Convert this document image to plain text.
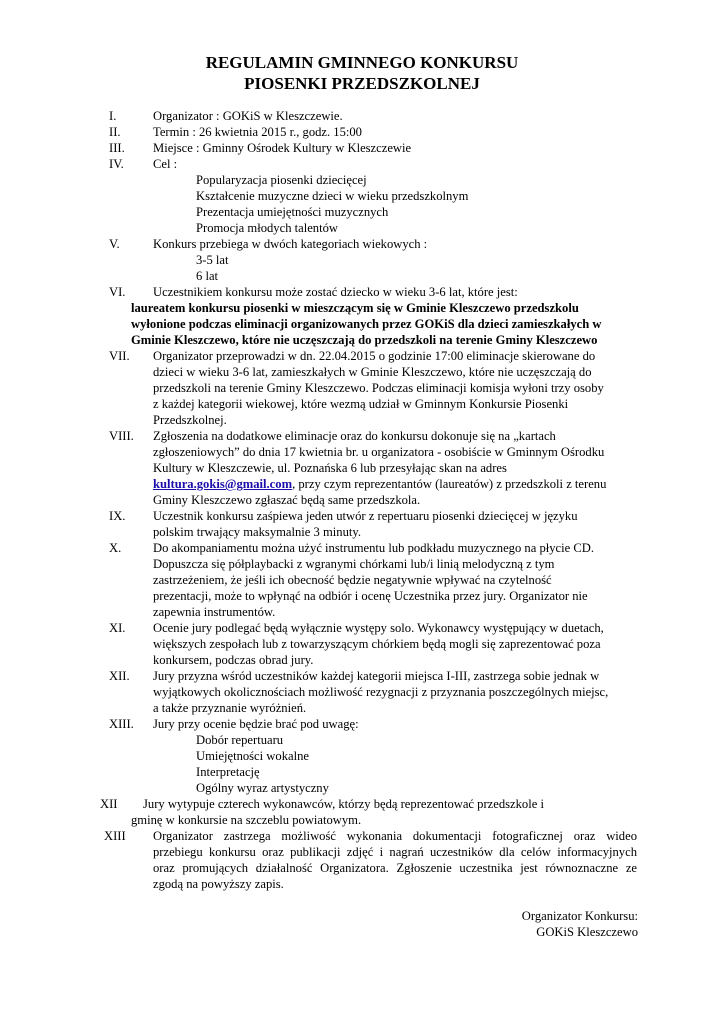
REGULAMIN GMINNEGO KONKURSU
PIOSENKI PRZEDSZKOLNEJ
I.	Organizator : GOKiS w Kleszczewie.
II.	Termin : 26 kwietnia 2015 r., godz. 15:00
III. Miejsce : Gminny Ośrodek Kultury w Kleszczewie
IV. Cel :
Popularyzacja piosenki dziecięcej
Kształcenie muzyczne dzieci w wieku przedszkolnym
Prezentacja umiejętności muzycznych
Promocja młodych talentów
V.	Konkurs przebiega w dwóch kategoriach wiekowych :
3-5 lat
6 lat
VI. Uczestnikiem konkursu może zostać dziecko w wieku 3-6 lat, które jest:
laureatem konkursu piosenki w mieszczącym się w Gminie Kleszczewo przedszkolu
wyłonione podczas eliminacji organizowanych przez GOKiS dla dzieci zamieszkałych w
Gminie Kleszczewo, które nie uczęszczają do przedszkoli na terenie Gminy Kleszczewo
VII. Organizator przeprowadzi w dn. 22.04.2015 o godzinie 17:00 eliminacje skierowane do
dzieci w wieku 3-6 lat, zamieszkałych w Gminie Kleszczewo, które nie uczęszczają do
przedszkoli na terenie Gminy Kleszczewo. Podczas eliminacji komisja wyłoni trzy osoby
z każdej kategorii wiekowej, które wezmą udział w Gminnym Konkursie Piosenki
Przedszkolnej.
VIII. Zgłoszenia na dodatkowe eliminacje oraz do konkursu dokonuje się na „kartach
zgłoszeniowych” do dnia 17 kwietnia br. u organizatora - osobiście w Gminnym Ośrodku
Kultury w Kleszczewie, ul. Poznańska 6 lub przesyłając skan na adres
kultura.gokis@gmail.com, przy czym reprezentantów (laureatów) z przedszkoli z terenu
Gminy Kleszczewo zgłaszać będą same przedszkola.
IX. Uczestnik konkursu zaśpiewa jeden utwór z repertuaru piosenki dziecięcej w języku
polskim trwający maksymalnie 3 minuty.
X.	Do akompaniamentu można użyć instrumentu lub podkładu muzycznego na płycie CD.
Dopuszcza się półplaybacki z wgranymi chórkami lub/i linią melodyczną z tym
zastrzeżeniem, że jeśli ich obecność będzie negatywnie wpływać na czytelność
prezentacji, może to wpłynąć na odbiór i ocenę Uczestnika przez jury. Organizator nie
zapewnia instrumentów.
XI. Ocenie jury podlegać będą wyłącznie występy solo. Wykonawcy występujący w duetach,
większych zespołach lub z towarzyszącym chórkiem będą mogli się zaprezentować poza
konkursem, podczas obrad jury.
XII. Jury przyzna wśród uczestników każdej kategorii miejsca I-III, zastrzega sobie jednak w
wyjątkowych okolicznościach możliwość rezygnacji z przyznania poszczególnych miejsc,
a także przyznanie wyróżnień.
XIII. Jury przy ocenie będzie brać pod uwagę:
Dobór repertuaru
Umiejętności wokalne
Interpretację
Ogólny wyraz artystyczny
XII Jury wytypuje czterech wykonawców, którzy będą reprezentować przedszkole i
gminę w konkursie na szczeblu powiatowym.
XIII Organizator zastrzega możliwość wykonania dokumentacji fotograficznej oraz wideo
przebiegu konkursu oraz publikacji zdjęć i nagrań uczestników dla celów informacyjnych
oraz promujących działalność Organizatora. Zgłoszenie uczestnika jest równoznaczne ze
zgodą na powyższy zapis.
Organizator Konkursu:
GOKiS Kleszczewo
